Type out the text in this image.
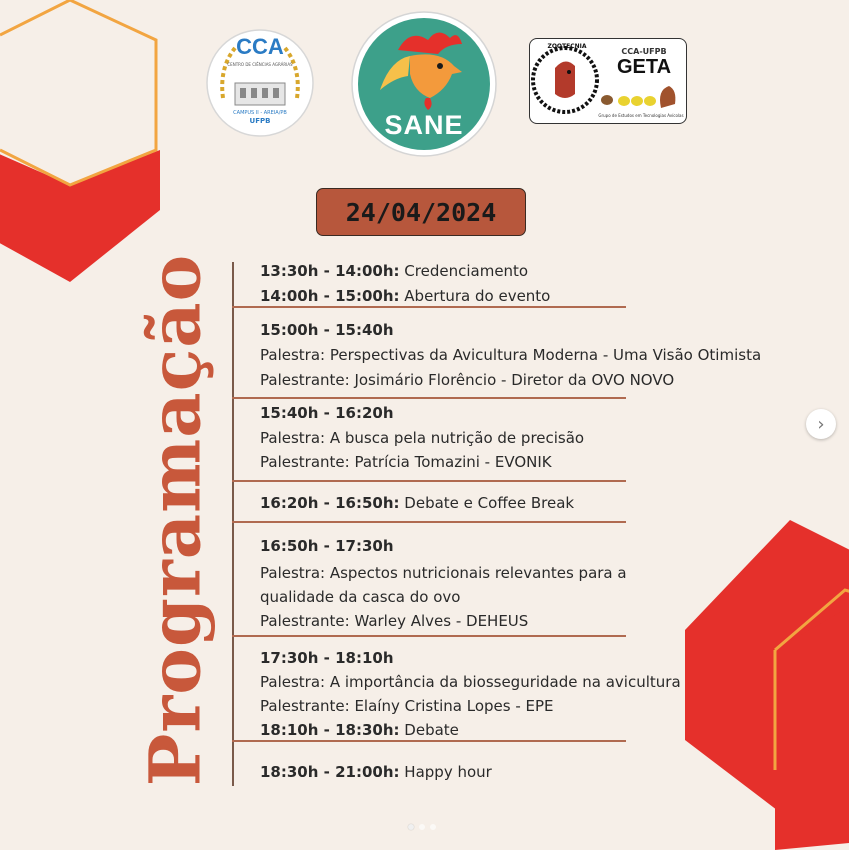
CCA
CENTRO DE CIÊNCIAS AGRÁRIAS
CAMPUS II - AREIA/PB
UFPB	SANE
ZOOTECNIA
CCA-UFPB
GETA
Grupo de Estudos em Tecnologias Avícolas
24/04/2024
Programação	13:30h - 14:00h: Credenciamento
14:00h - 15:00h: Abertura do evento
15:00h - 15:40h
Palestra: Perspectivas da Avicultura Moderna - Uma Visão Otimista
Palestrante: Josimário Florêncio - Diretor da OVO NOVO
15:40h - 16:20h
Palestra: A busca pela nutrição de precisão
Palestrante: Patrícia Tomazini - EVONIK
16:20h - 16:50h: Debate e Coffee Break
16:50h - 17:30h
Palestra: Aspectos nutricionais relevantes para a
qualidade da casca do ovo
Palestrante: Warley Alves - DEHEUS
17:30h - 18:10h
Palestra: A importância da biosseguridade na avicultura
Palestrante: Elaíny Cristina Lopes - EPE
18:10h - 18:30h: Debate
18:30h - 21:00h: Happy hour
›
